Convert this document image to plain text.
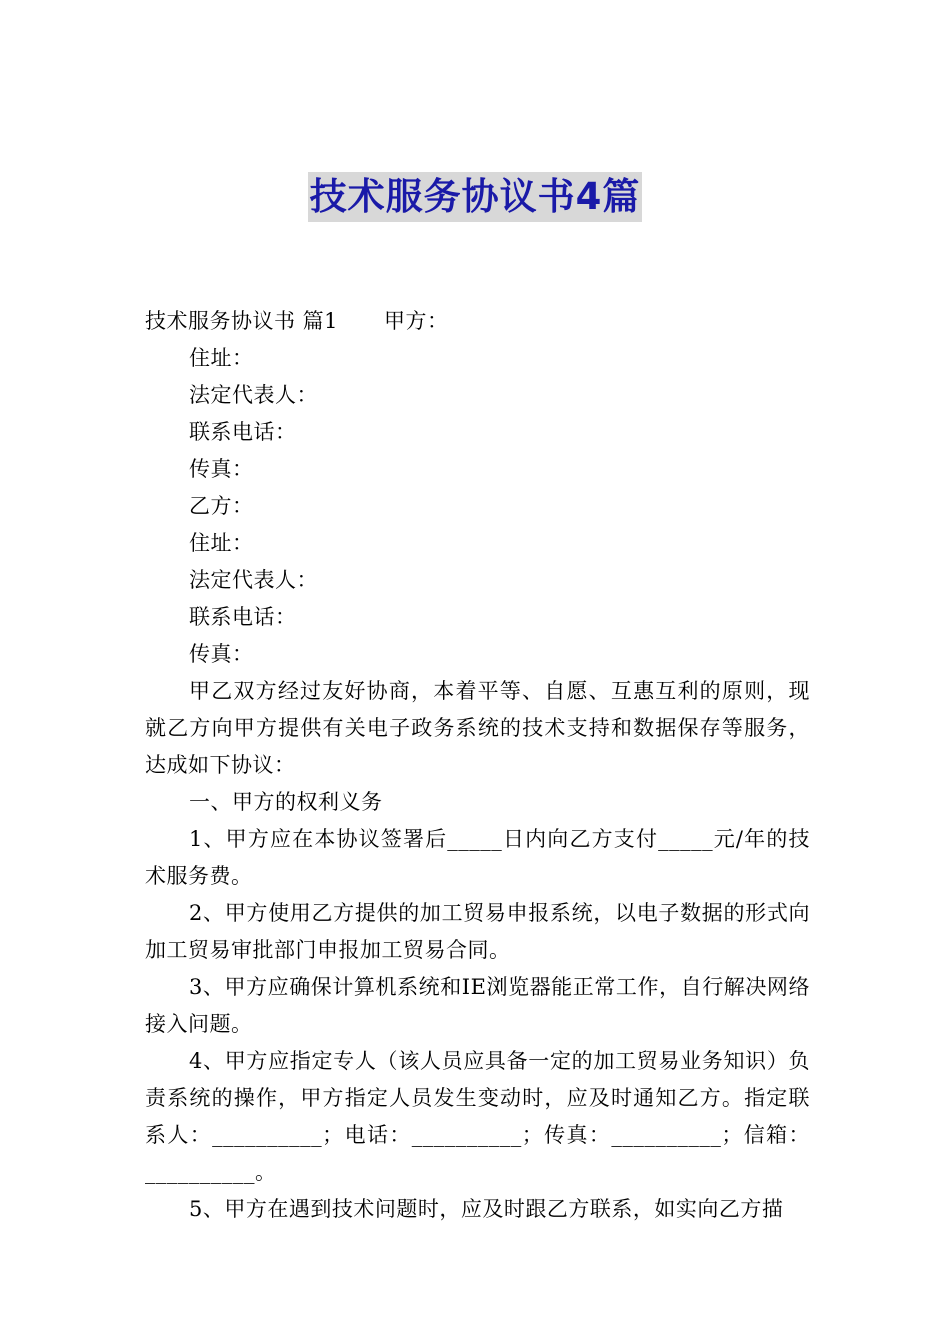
技术服务协议书4篇

技术服务协议书 篇1 甲方：

住址：

法定代表人：

联系电话：

传真：

乙方：

住址：

法定代表人：

联系电话：

传真：

甲乙双方经过友好协商，本着平等、自愿、互惠互利的原则，现就乙方向甲方提供有关电子政务系统的技术支持和数据保存等服务，达成如下协议：

一、甲方的权利义务

1、甲方应在本协议签署后_____日内向乙方支付_____元/年的技术服务费。

2、甲方使用乙方提供的加工贸易申报系统，以电子数据的形式向加工贸易审批部门申报加工贸易合同。

3、甲方应确保计算机系统和IE浏览器能正常工作，自行解决网络接入问题。

4、甲方应指定专人（该人员应具备一定的加工贸易业务知识）负责系统的操作，甲方指定人员发生变动时，应及时通知乙方。指定联系人：__________；电话：__________；传真：__________；信箱：__________。

5、甲方在遇到技术问题时，应及时跟乙方联系，如实向乙方描
